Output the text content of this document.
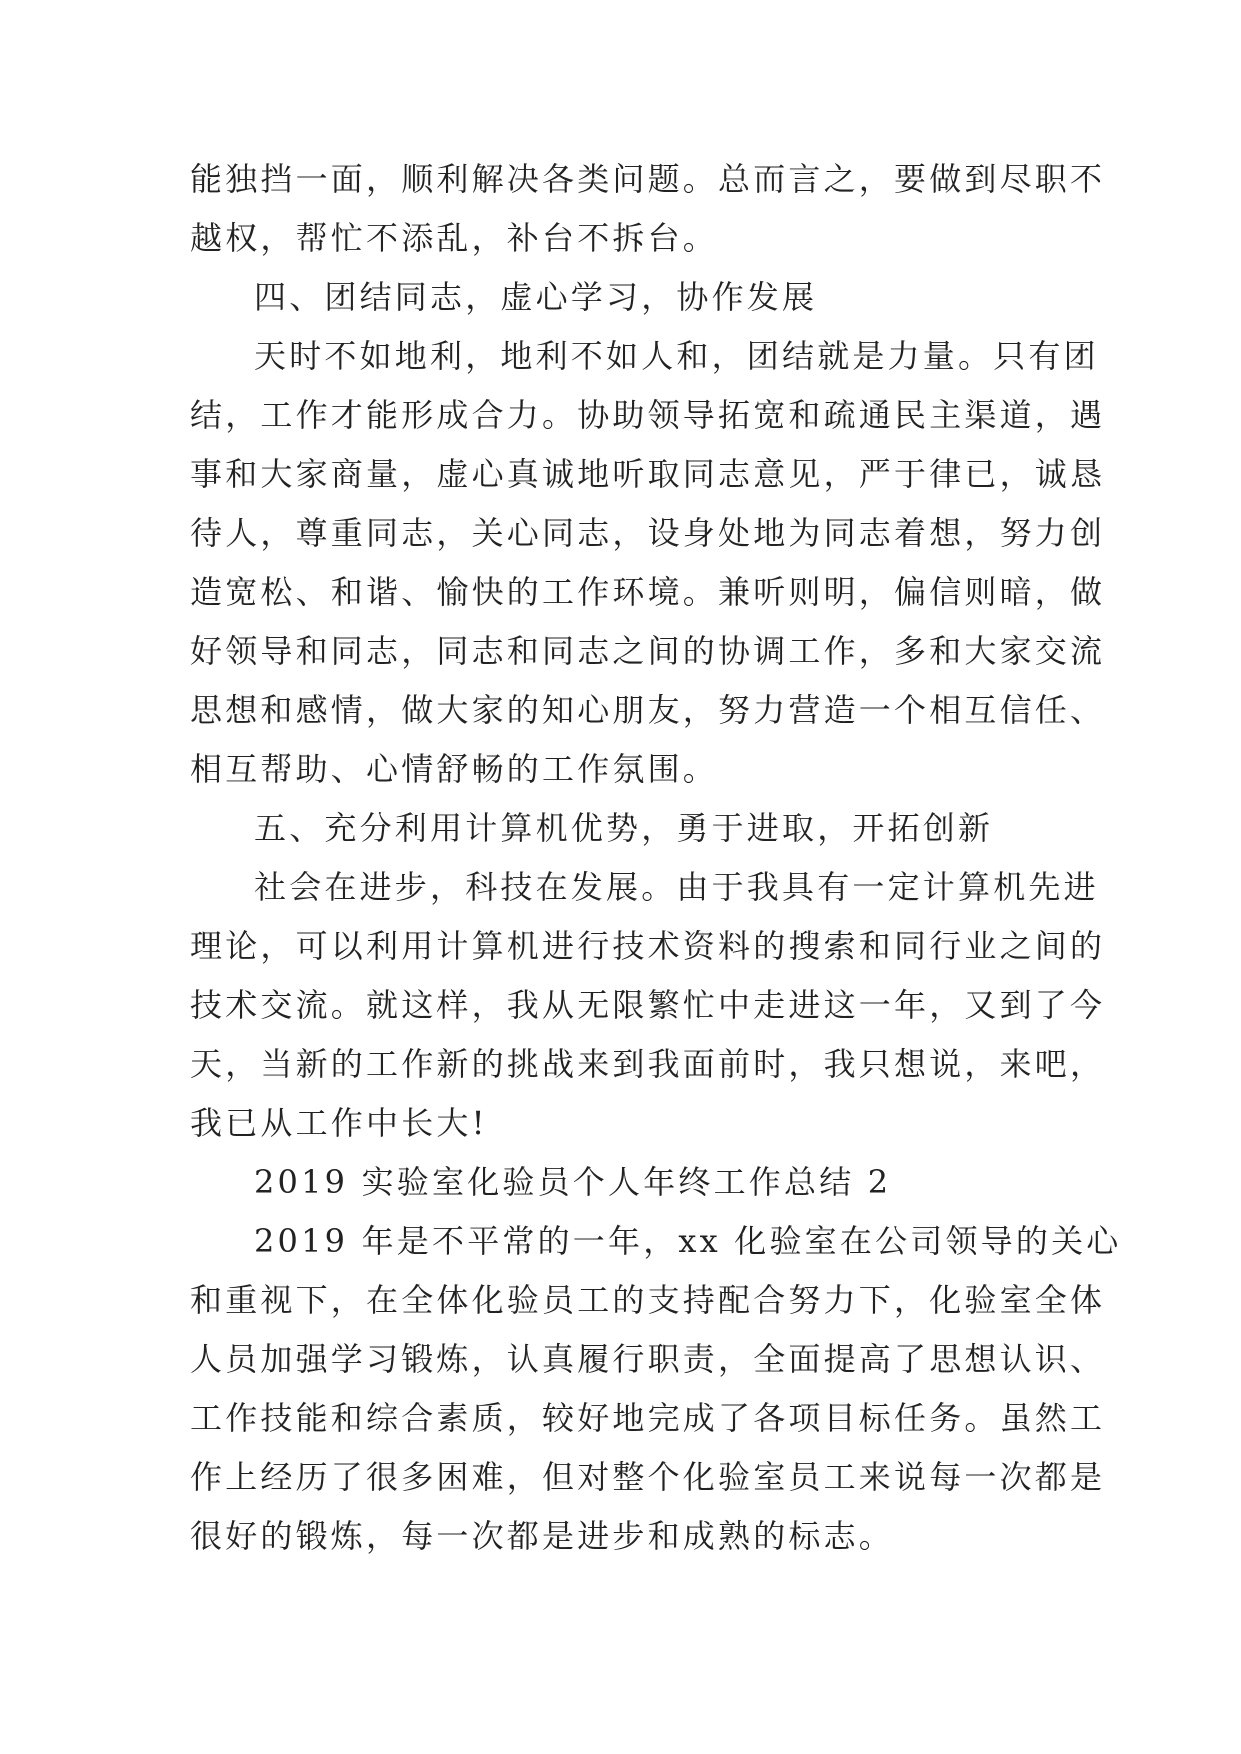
能独挡一面，顺利解决各类问题。总而言之，要做到尽职不

越权，帮忙不添乱，补台不拆台。

四、团结同志，虚心学习，协作发展

天时不如地利，地利不如人和，团结就是力量。只有团

结，工作才能形成合力。协助领导拓宽和疏通民主渠道，遇

事和大家商量，虚心真诚地听取同志意见，严于律已，诚恳

待人，尊重同志，关心同志，设身处地为同志着想，努力创

造宽松、和谐、愉快的工作环境。兼听则明，偏信则暗，做

好领导和同志，同志和同志之间的协调工作，多和大家交流

思想和感情，做大家的知心朋友，努力营造一个相互信任、

相互帮助、心情舒畅的工作氛围。

五、充分利用计算机优势，勇于进取，开拓创新

社会在进步，科技在发展。由于我具有一定计算机先进

理论，可以利用计算机进行技术资料的搜索和同行业之间的

技术交流。就这样，我从无限繁忙中走进这一年，又到了今

天，当新的工作新的挑战来到我面前时，我只想说，来吧，

我已从工作中长大!

2019 实验室化验员个人年终工作总结 2

2019 年是不平常的一年，xx 化验室在公司领导的关心

和重视下，在全体化验员工的支持配合努力下，化验室全体

人员加强学习锻炼，认真履行职责，全面提高了思想认识、

工作技能和综合素质，较好地完成了各项目标任务。虽然工

作上经历了很多困难，但对整个化验室员工来说每一次都是

很好的锻炼，每一次都是进步和成熟的标志。
